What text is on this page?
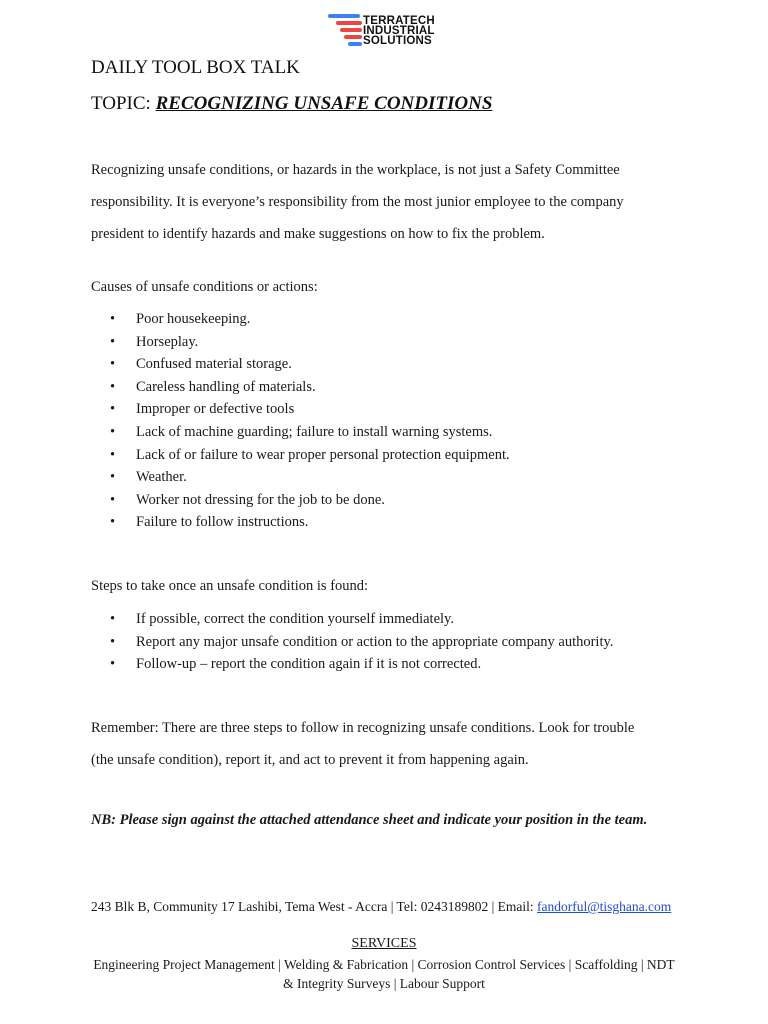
TERRATECH
INDUSTRIAL
SOLUTIONS
DAILY TOOL BOX TALK
TOPIC: RECOGNIZING UNSAFE CONDITIONS
Recognizing unsafe conditions, or hazards in the workplace, is not just a Safety Committee
responsibility. It is everyone’s responsibility from the most junior employee to the company
president to identify hazards and make suggestions on how to fix the problem.
Causes of unsafe conditions or actions:
• Poor housekeeping.
• Horseplay.
• Confused material storage.
• Careless handling of materials.
• Improper or defective tools
• Lack of machine guarding; failure to install warning systems.
• Lack of or failure to wear proper personal protection equipment.
• Weather.
• Worker not dressing for the job to be done.
• Failure to follow instructions.
Steps to take once an unsafe condition is found:
• If possible, correct the condition yourself immediately.
• Report any major unsafe condition or action to the appropriate company authority.
• Follow-up – report the condition again if it is not corrected.
Remember: There are three steps to follow in recognizing unsafe conditions. Look for trouble
(the unsafe condition), report it, and act to prevent it from happening again.
NB: Please sign against the attached attendance sheet and indicate your position in the team.
243 Blk B, Community 17 Lashibi, Tema West - Accra | Tel: 0243189802 | Email: fandorful@tisghana.com
SERVICES
Engineering Project Management | Welding & Fabrication | Corrosion Control Services | Scaffolding | NDT & Integrity Surveys | Labour Support
